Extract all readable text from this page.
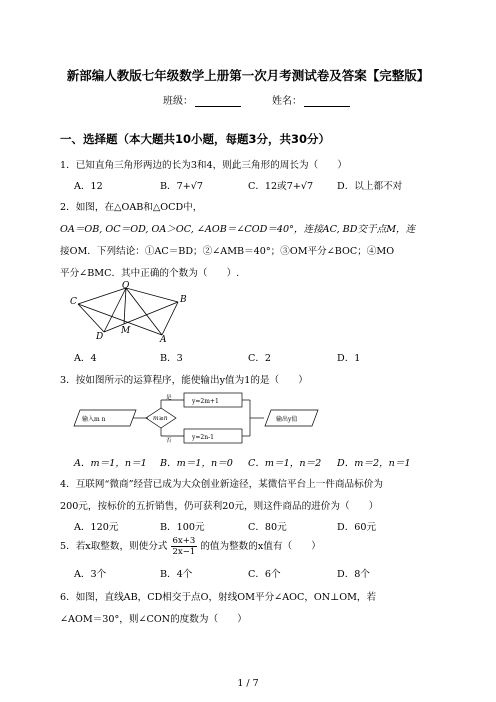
新部编人教版七年级数学上册第一次月考测试卷及答案【完整版】
班级：	姓名：
一、选择题（本大题共10小题，每题3分，共30分）
1．已知直角三角形两边的长为3和4，则此三角形的周长为（　　）
A．12	B．7+√7	C．12或7+√7 D．以上都不对
2．如图，在△OAB和△OCD中，
OA＝OB, OC＝OD, OA＞OC, ∠AOB＝∠COD＝40°，连接AC, BD交于点M，连
接OM．下列结论：①AC＝BD；②∠AMB＝40°；③OM平分∠BOC；④MO
平分∠BMC．其中正确的个数为（　　）.
O
C	B
D
M
A
A．4	B．3	C．2	D．1
3．按如图所示的运算程序，能使输出y值为1的是（　　）
输入m n	m≥n
是
否
y=2m+1
y=2n-1
输出y值
A．m＝1，n＝1 B．m＝1，n＝0 C．m＝1，n＝2 D．m＝2，n＝1
4．互联网“微商”经营已成为大众创业新途径，某微信平台上一件商品标价为
200元，按标价的五折销售，仍可获利20元，则这件商品的进价为（　　）
A．120元	B．100元	C．80元	D．60元
5．若x取整数，则使分式 $\frac{6x+3}{2x-1}$ 的值为整数的x值有（　　）
A．3个	B．4个	C．6个	D．8个
6．如图，直线AB，CD相交于点O，射线OM平分∠AOC，ON⊥OM，若
∠AOM＝30°，则∠CON的度数为（　　）
1 / 7
